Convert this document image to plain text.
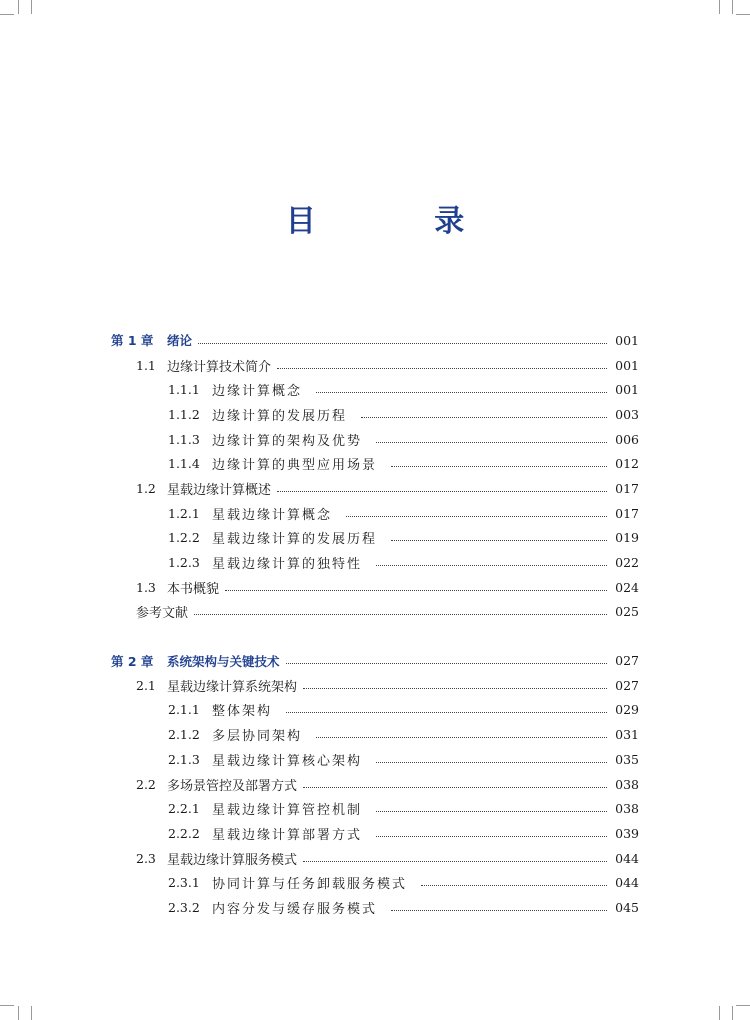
目 录
第 1 章	绪论	001
1.1 边缘计算技术简介	001
1.1.1 边缘计算概念	001
1.1.2 边缘计算的发展历程	003
1.1.3 边缘计算的架构及优势	006
1.1.4 边缘计算的典型应用场景	012
1.2 星载边缘计算概述	017
1.2.1 星载边缘计算概念	017
1.2.2 星载边缘计算的发展历程	019
1.2.3 星载边缘计算的独特性	022
1.3 本书概貌	024
参考文献	025
第 2 章	系统架构与关键技术	027
2.1 星载边缘计算系统架构	027
2.1.1 整体架构	029
2.1.2 多层协同架构	031
2.1.3 星载边缘计算核心架构	035
2.2 多场景管控及部署方式	038
2.2.1 星载边缘计算管控机制	038
2.2.2 星载边缘计算部署方式	039
2.3 星载边缘计算服务模式	044
2.3.1 协同计算与任务卸载服务模式	044
2.3.2 内容分发与缓存服务模式	045
